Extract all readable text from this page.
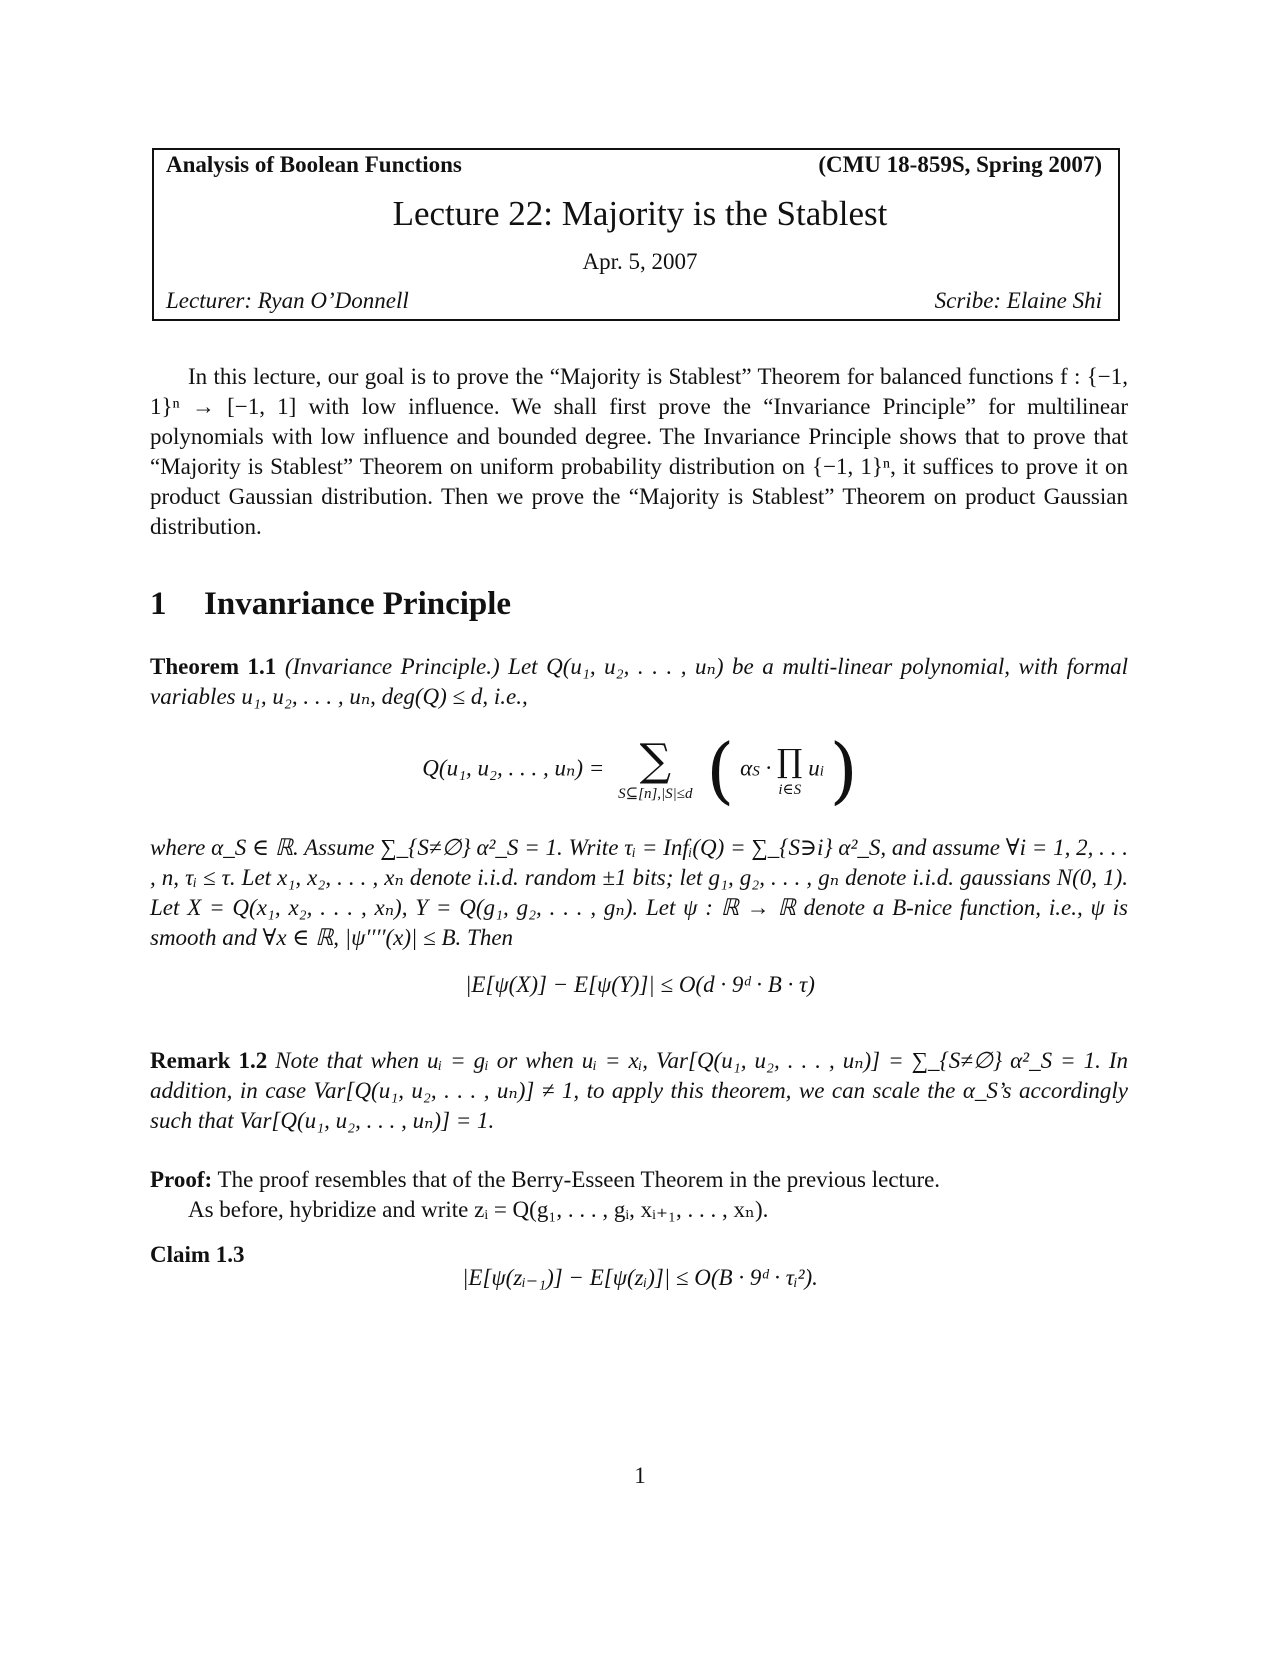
Analysis of Boolean Functions	(CMU 18-859S, Spring 2007)
Lecture 22: Majority is the Stablest
Apr. 5, 2007
Lecturer: Ryan O’Donnell	Scribe: Elaine Shi
In this lecture, our goal is to prove the “Majority is Stablest” Theorem for balanced functions f : {−1, 1}ⁿ → [−1, 1] with low influence. We shall first prove the “Invariance Principle” for multilinear polynomials with low influence and bounded degree. The Invariance Principle shows that to prove that “Majority is Stablest” Theorem on uniform probability distribution on {−1, 1}ⁿ, it suffices to prove it on product Gaussian distribution. Then we prove the “Majority is Stablest” Theorem on product Gaussian distribution.
1 Invanriance Principle
Theorem 1.1 (Invariance Principle.) Let Q(u₁, u₂, . . . , uₙ) be a multi-linear polynomial, with formal variables u₁, u₂, . . . , uₙ, deg(Q) ≤ d, i.e.,
Q(u₁, u₂, . . . , uₙ) = ∑
S⊆[n],|S|≤d ( αS · ∏
i∈S
ui )
where α_S ∈ ℝ. Assume ∑_{S≠∅} α²_S = 1. Write τᵢ = Infᵢ(Q) = ∑_{S∋i} α²_S, and assume ∀i = 1, 2, . . . , n, τᵢ ≤ τ. Let x₁, x₂, . . . , xₙ denote i.i.d. random ±1 bits; let g₁, g₂, . . . , gₙ denote i.i.d. gaussians N(0, 1). Let X = Q(x₁, x₂, . . . , xₙ), Y = Q(g₁, g₂, . . . , gₙ). Let ψ : ℝ → ℝ denote a B-nice function, i.e., ψ is smooth and ∀x ∈ ℝ, |ψ′′′′(x)| ≤ B. Then
|E[ψ(X)] − E[ψ(Y)]| ≤ O(d · 9ᵈ · B · τ)
Remark 1.2 Note that when uᵢ = gᵢ or when uᵢ = xᵢ, Var[Q(u₁, u₂, . . . , uₙ)] = ∑_{S≠∅} α²_S = 1. In addition, in case Var[Q(u₁, u₂, . . . , uₙ)] ≠ 1, to apply this theorem, we can scale the α_S’s accordingly such that Var[Q(u₁, u₂, . . . , uₙ)] = 1.
Proof: The proof resembles that of the Berry-Esseen Theorem in the previous lecture.
As before, hybridize and write zᵢ = Q(g₁, . . . , gᵢ, xᵢ₊₁, . . . , xₙ).
Claim 1.3
|E[ψ(zᵢ₋₁)] − E[ψ(zᵢ)]| ≤ O(B · 9ᵈ · τᵢ²).
1
